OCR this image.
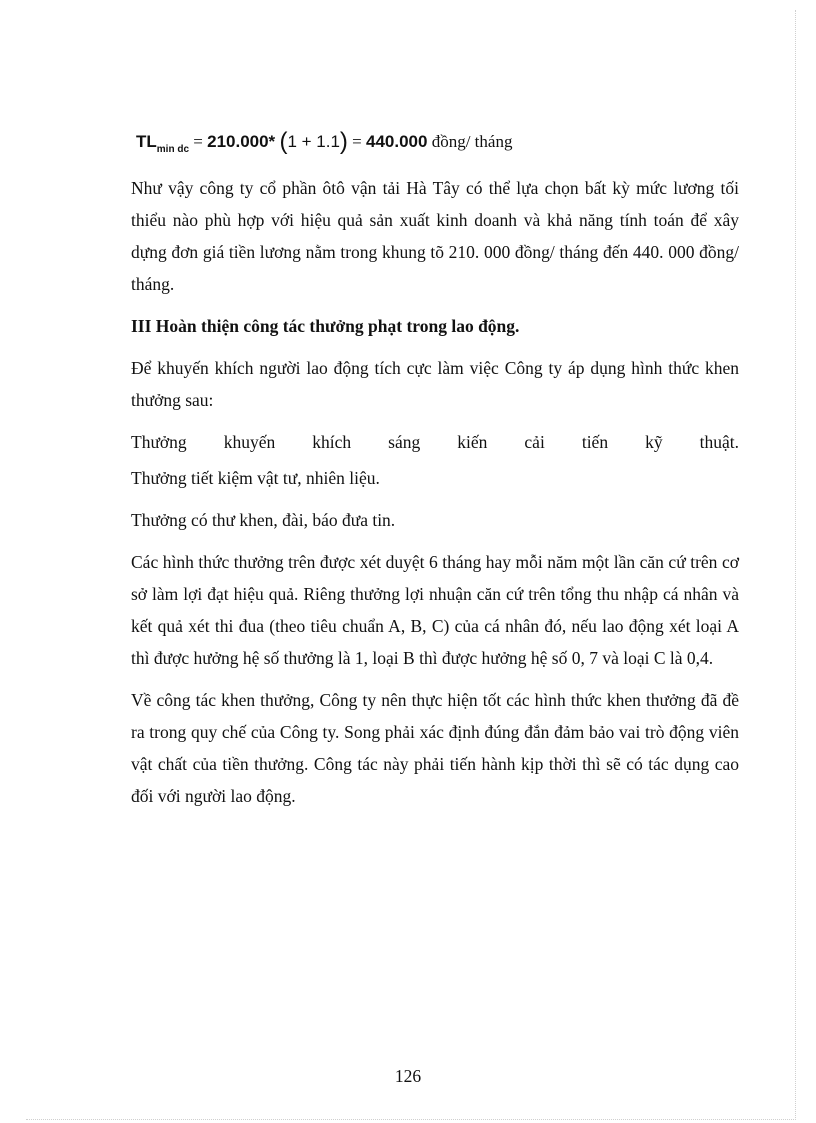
$TL_{min dc} = 210.000*$ (1 + 1.1) = 440.000 đồng/ tháng

Như vậy công ty cổ phần ôtô vận tải Hà Tây có thể lựa chọn bất kỳ mức lương tối thiểu nào phù hợp với hiệu quả sản xuất kinh doanh và khả năng tính toán để xây dựng đơn giá tiền lương nằm trong khung tõ 210. 000 đồng/ tháng đến 440. 000 đồng/ tháng.

III Hoàn thiện công tác thưởng phạt trong lao động.

Để khuyến khích người lao động tích cực làm việc Công ty áp dụng hình thức khen thưởng sau:

Thưởng khuyến khích sáng kiến cải tiến kỹ thuật.

Thưởng tiết kiệm vật tư, nhiên liệu.

Thưởng có thư khen, đài, báo đưa tin.

Các hình thức thưởng trên được xét duyệt 6 tháng hay mỗi năm một lần căn cứ trên cơ sở làm lợi đạt hiệu quả. Riêng thưởng lợi nhuận căn cứ trên tổng thu nhập cá nhân và kết quả xét thi đua (theo tiêu chuẩn A, B, C) của cá nhân đó, nếu lao động xét loại A thì được hưởng hệ số thưởng là 1, loại B thì được hưởng hệ số 0, 7 và loại C là 0,4.

Về công tác khen thưởng, Công ty nên thực hiện tốt các hình thức khen thưởng đã đề ra trong quy chế của Công ty. Song phải xác định đúng đắn đảm bảo vai trò động viên vật chất của tiền thưởng. Công tác này phải tiến hành kịp thời thì sẽ có tác dụng cao đối với người lao động.

126
